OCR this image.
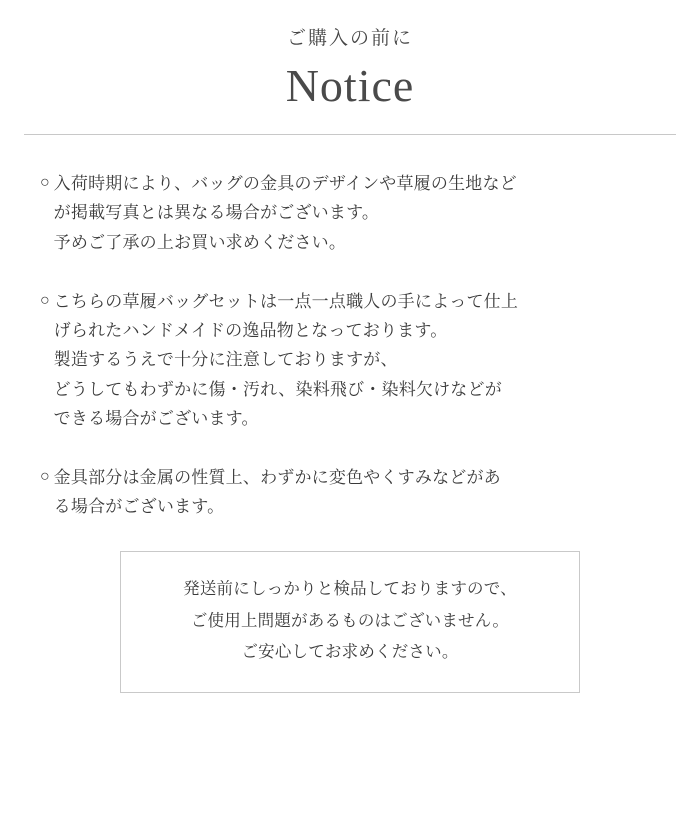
ご購入の前に
Notice
○ 入荷時期により、バッグの金具のデザインや草履の生地など
が掲載写真とは異なる場合がございます。
予めご了承の上お買い求めください。
○ こちらの草履バッグセットは一点一点職人の手によって仕上
げられたハンドメイドの逸品物となっております。
製造するうえで十分に注意しておりますが、
どうしてもわずかに傷・汚れ、染料飛び・染料欠けなどが
できる場合がございます。
○ 金具部分は金属の性質上、わずかに変色やくすみなどがあ
る場合がございます。
発送前にしっかりと検品しておりますので、
ご使用上問題があるものはございません。
ご安心してお求めください。
